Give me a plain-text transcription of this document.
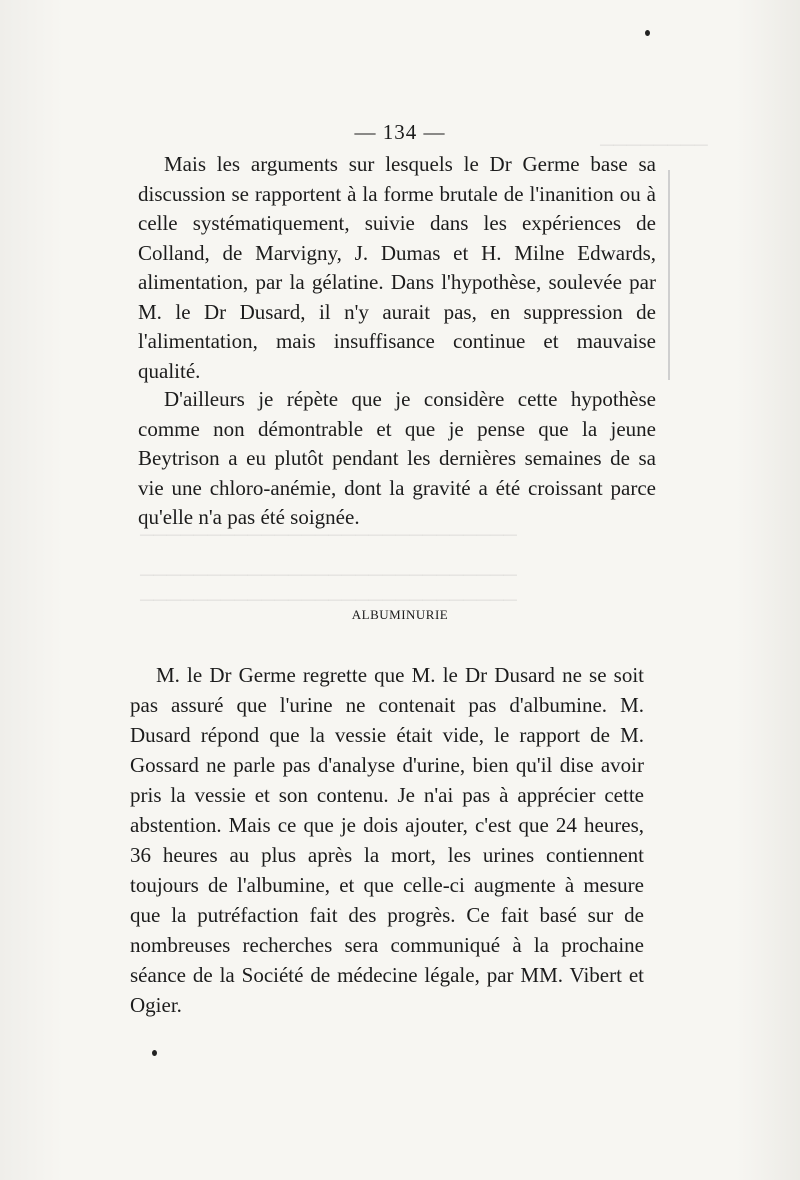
────────
────────────────────────────
────────────────────────────
────────────────────────────
— 134 —

Mais les arguments sur lesquels le Dr Germe base sa discussion se rapportent à la forme brutale de l'inanition ou à celle systématiquement, suivie dans les expériences de Colland, de Marvigny, J. Dumas et H. Milne Edwards, alimentation, par la gélatine. Dans l'hypothèse, soulevée par M. le Dr Dusard, il n'y aurait pas, en suppression de l'alimentation, mais insuffisance continue et mauvaise qualité.

D'ailleurs je répète que je considère cette hypothèse comme non démontrable et que je pense que la jeune Beytrison a eu plutôt pendant les dernières semaines de sa vie une chloro-anémie, dont la gravité a été croissant parce qu'elle n'a pas été soignée.

ALBUMINURIE

M. le Dr Germe regrette que M. le Dr Dusard ne se soit pas assuré que l'urine ne contenait pas d'albumine. M. Dusard répond que la vessie était vide, le rapport de M. Gossard ne parle pas d'analyse d'urine, bien qu'il dise avoir pris la vessie et son contenu. Je n'ai pas à apprécier cette abstention. Mais ce que je dois ajouter, c'est que 24 heures, 36 heures au plus après la mort, les urines contiennent toujours de l'albumine, et que celle-ci augmente à mesure que la putréfaction fait des progrès. Ce fait basé sur de nombreuses recherches sera communiqué à la prochaine séance de la Société de médecine légale, par MM. Vibert et Ogier.
